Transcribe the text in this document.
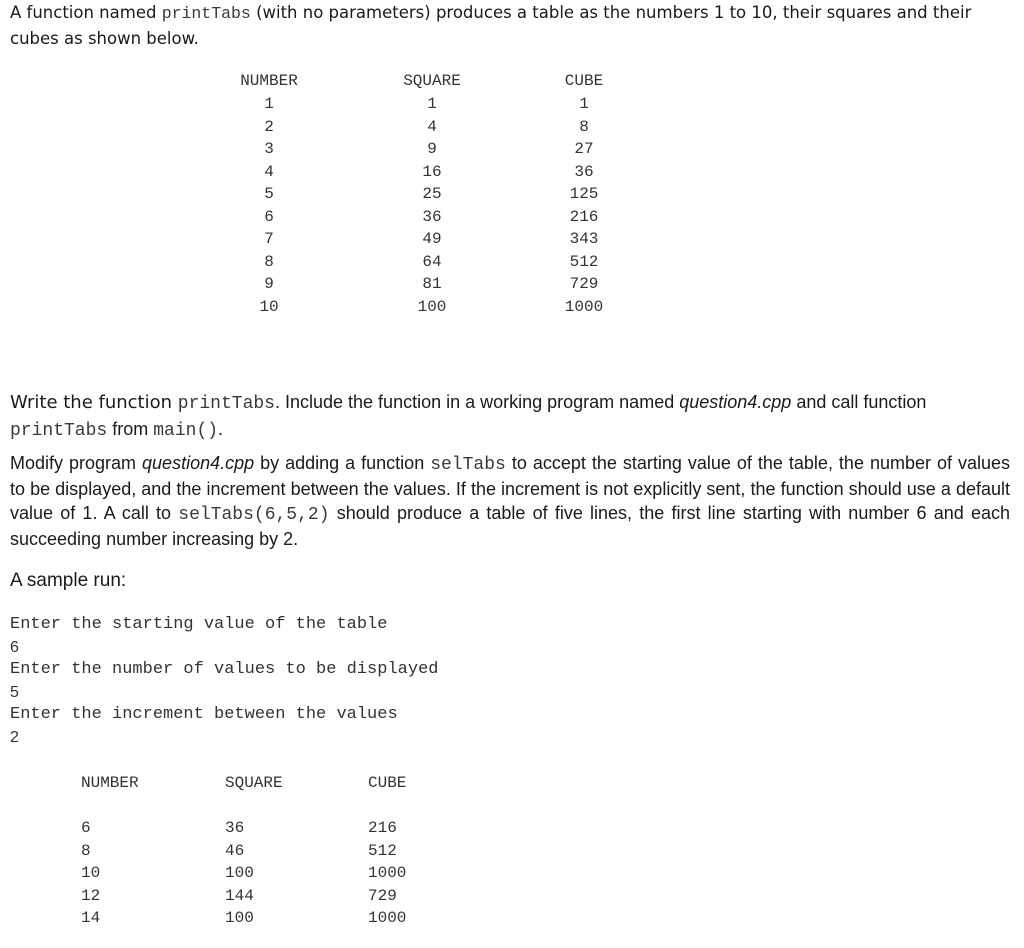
A function named printTabs (with no parameters) produces a table as the numbers 1 to 10, their squares and their cubes as shown below.

NUMBER	SQUARE	CUBE
1	1	1
2	4	8
3	9	27
4	16	36
5	25	125
6	36	216
7	49	343
8	64	512
9	81	729
10	100	1000

Write the function printTabs. Include the function in a working program named question4.cpp and call function printTabs from main().

Modify program question4.cpp by adding a function selTabs to accept the starting value of the table, the number of values to be displayed, and the increment between the values. If the increment is not explicitly sent, the function should use a default value of 1. A call to selTabs(6,5,2) should produce a table of five lines, the first line starting with number 6 and each succeeding number increasing by 2.

A sample run:

Enter the starting value of the table
6
Enter the number of values to be displayed
5
Enter the increment between the values
2
NUMBER	SQUARE	CUBE
6	36	216
8	46	512
10	100	1000
12	144	729
14	100	1000
